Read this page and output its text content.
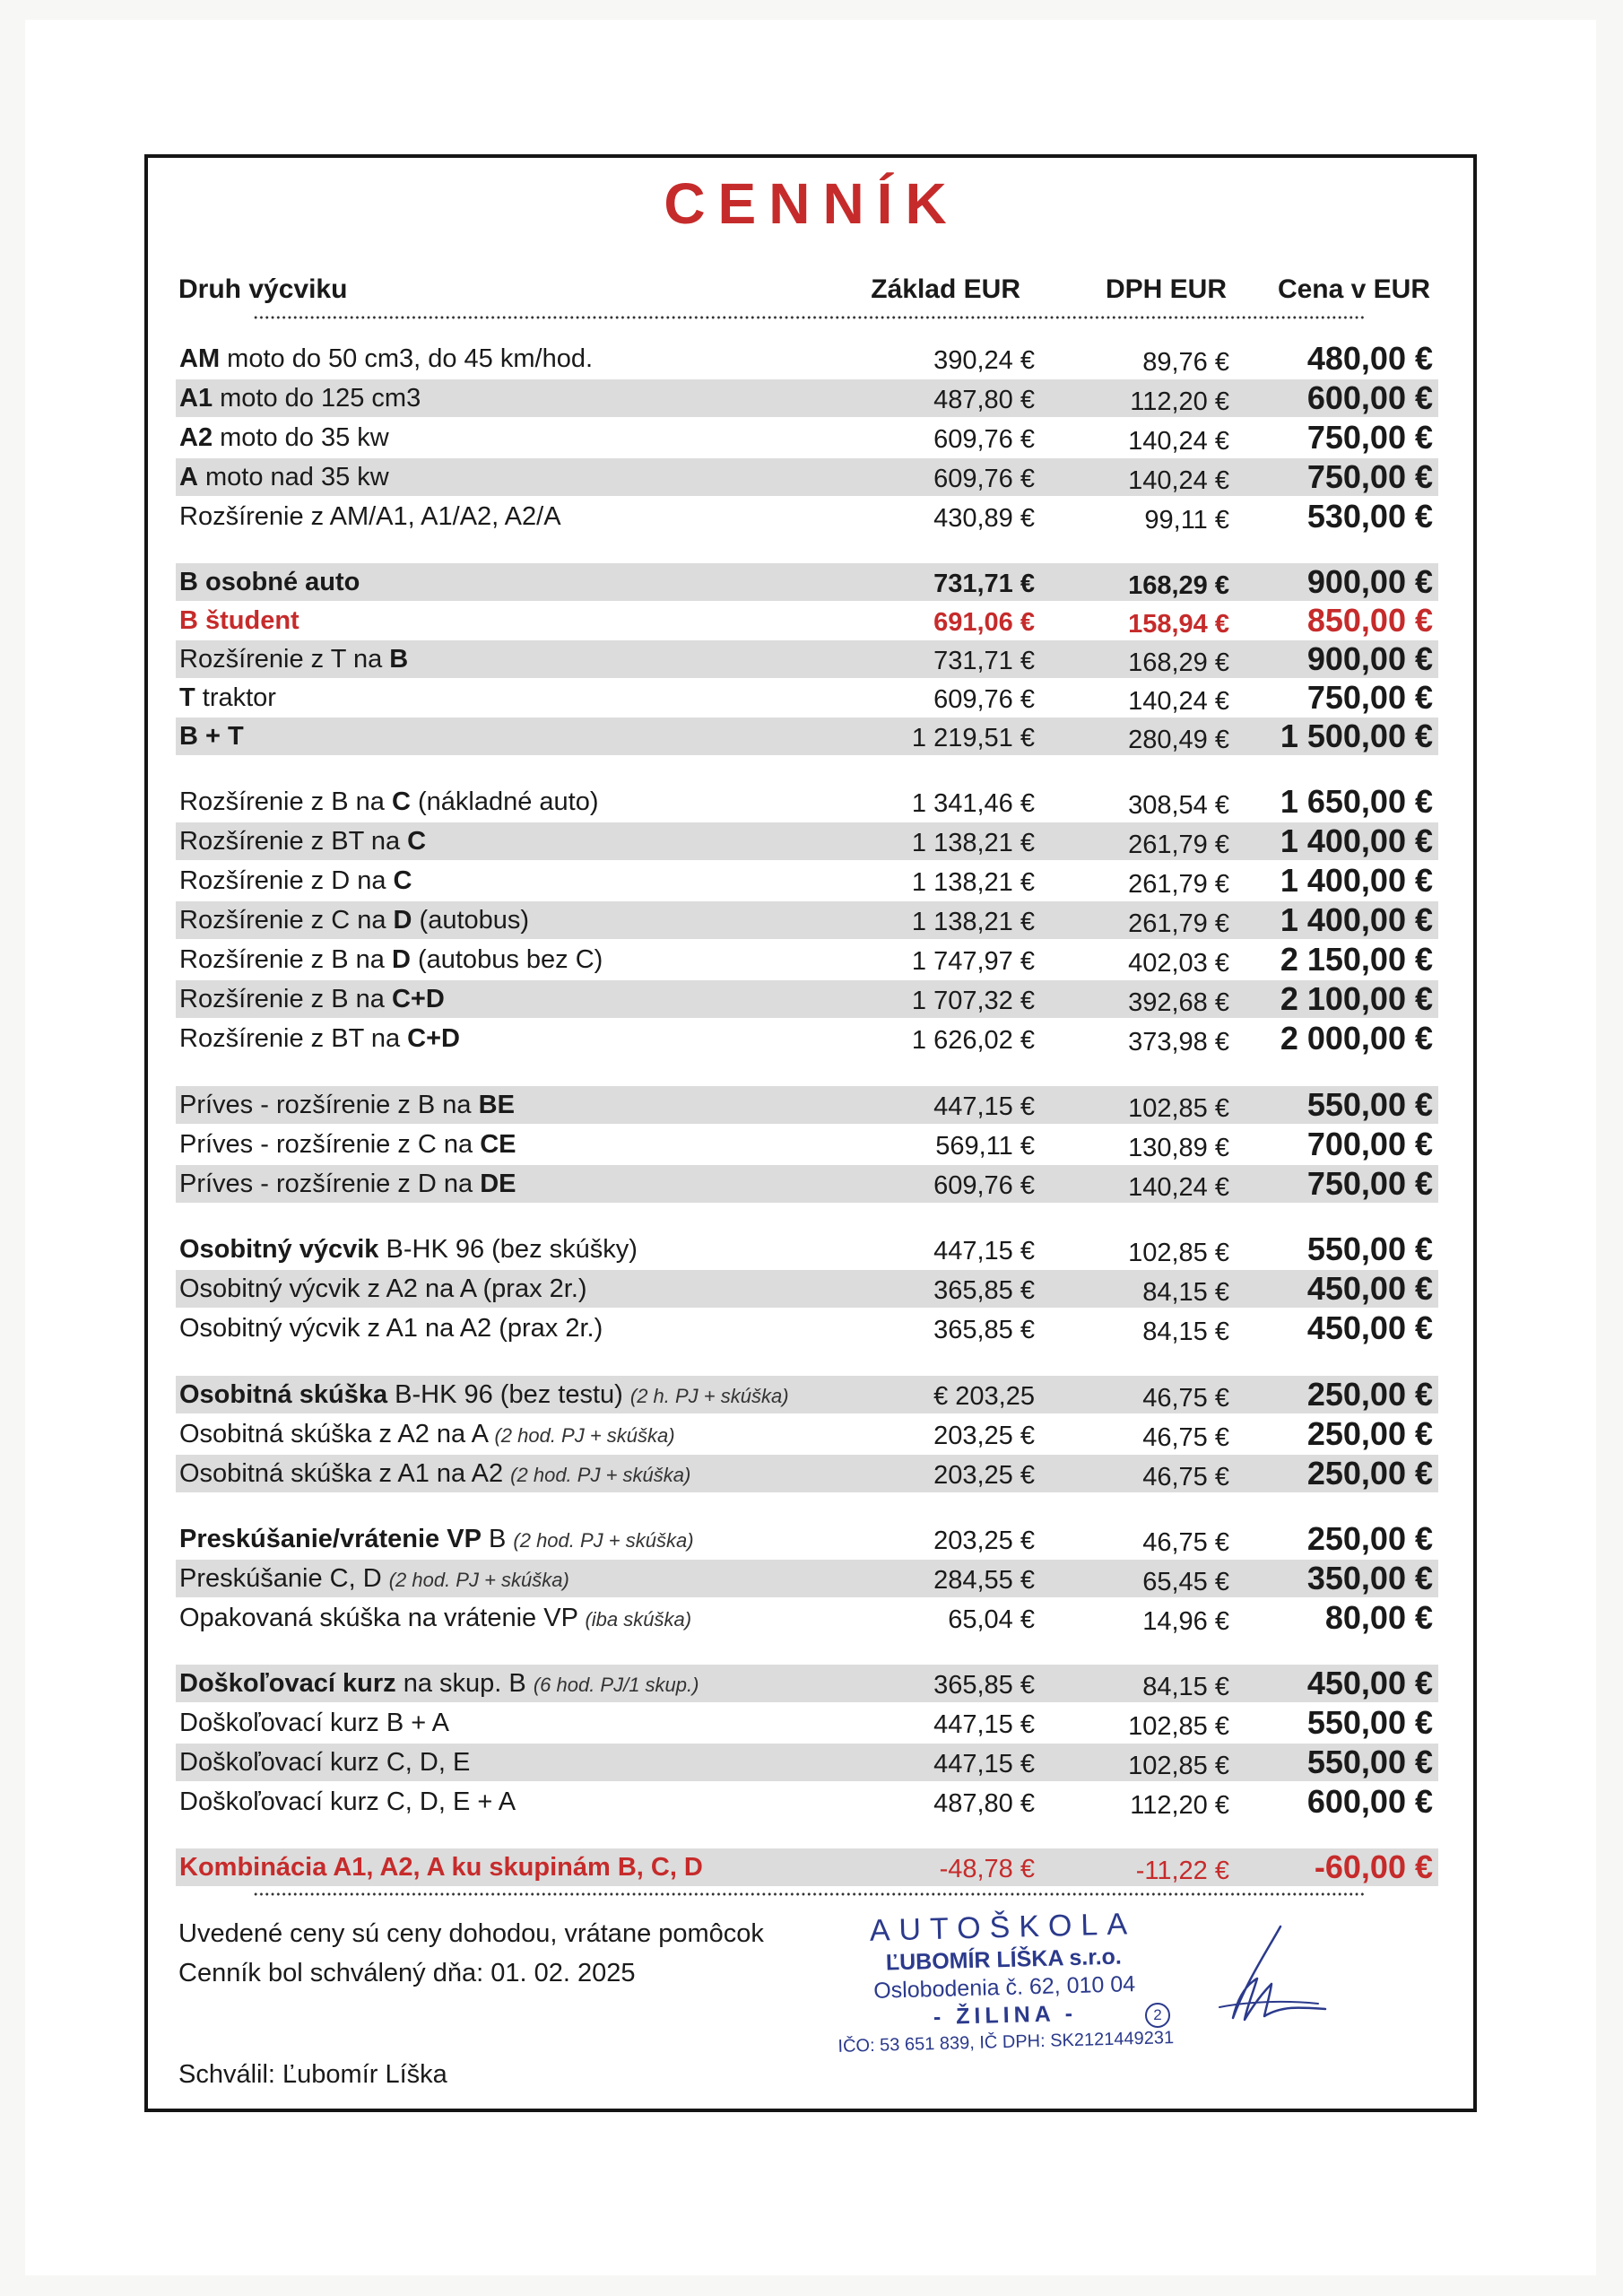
CENNÍK
Druh výcviku	Základ EUR	DPH EUR Cena v EUR
AM moto do 50 cm3, do 45 km/hod.	390,24 €	89,76 € 480,00 €
A1 moto do 125 cm3	487,80 €	112,20 € 600,00 €
A2 moto do 35 kw	609,76 €	140,24 € 750,00 €
A moto nad 35 kw	609,76 €	140,24 € 750,00 €
Rozšírenie z AM/A1, A1/A2, A2/A	430,89 €	99,11 € 530,00 €
B osobné auto	731,71 €	168,29 € 900,00 €
B študent	691,06 €	158,94 € 850,00 €
Rozšírenie z T na B	731,71 €	168,29 € 900,00 €
T traktor	609,76 €	140,24 € 750,00 €
B + T	1 219,51 €	280,49 € 1 500,00 €
Rozšírenie z B na C (nákladné auto)	1 341,46 €	308,54 € 1 650,00 €
Rozšírenie z BT na C	1 138,21 €	261,79 € 1 400,00 €
Rozšírenie z D na C	1 138,21 €	261,79 € 1 400,00 €
Rozšírenie z C na D (autobus)	1 138,21 €	261,79 € 1 400,00 €
Rozšírenie z B na D (autobus bez C)	1 747,97 €	402,03 € 2 150,00 €
Rozšírenie z B na C+D	1 707,32 €	392,68 € 2 100,00 €
Rozšírenie z BT na C+D	1 626,02 €	373,98 € 2 000,00 €
Príves - rozšírenie z B na BE	447,15 €	102,85 € 550,00 €
Príves - rozšírenie z C na CE	569,11 €	130,89 € 700,00 €
Príves - rozšírenie z D na DE	609,76 €	140,24 € 750,00 €
Osobitný výcvik B-HK 96 (bez skúšky)	447,15 €	102,85 € 550,00 €
Osobitný výcvik z A2 na A (prax 2r.)	365,85 €	84,15 € 450,00 €
Osobitný výcvik z A1 na A2 (prax 2r.)	365,85 €	84,15 € 450,00 €
Osobitná skúška B-HK 96 (bez testu) (2 h. PJ + skúška)	€ 203,25	46,75 € 250,00 €
Osobitná skúška z A2 na A (2 hod. PJ + skúška)	203,25 €	46,75 € 250,00 €
Osobitná skúška z A1 na A2 (2 hod. PJ + skúška)	203,25 €	46,75 € 250,00 €
Preskúšanie/vrátenie VP B (2 hod. PJ + skúška)	203,25 €	46,75 € 250,00 €
Preskúšanie C, D (2 hod. PJ + skúška)	284,55 €	65,45 € 350,00 €
Opakovaná skúška na vrátenie VP (iba skúška)	65,04 €	14,96 €	80,00 €
Doškoľovací kurz na skup. B (6 hod. PJ/1 skup.)	365,85 €	84,15 € 450,00 €
Doškoľovací kurz B + A	447,15 €	102,85 € 550,00 €
Doškoľovací kurz C, D, E	447,15 €	102,85 € 550,00 €
Doškoľovací kurz C, D, E + A	487,80 €	112,20 € 600,00 €
Kombinácia A1, A2, A ku skupinám B, C, D	-48,78 €	-11,22 €	-60,00 €
Uvedené ceny sú ceny dohodou, vrátane pomôcok
Cenník bol schválený dňa: 01. 02. 2025
Schválil: Ľubomír Líška
AUTOŠKOLA
ĽUBOMÍR LÍŠKA s.r.o.
Oslobodenia č. 62, 010 04
- ŽILINA -
IČO: 53 651 839, IČ DPH: SK2121449231
2
